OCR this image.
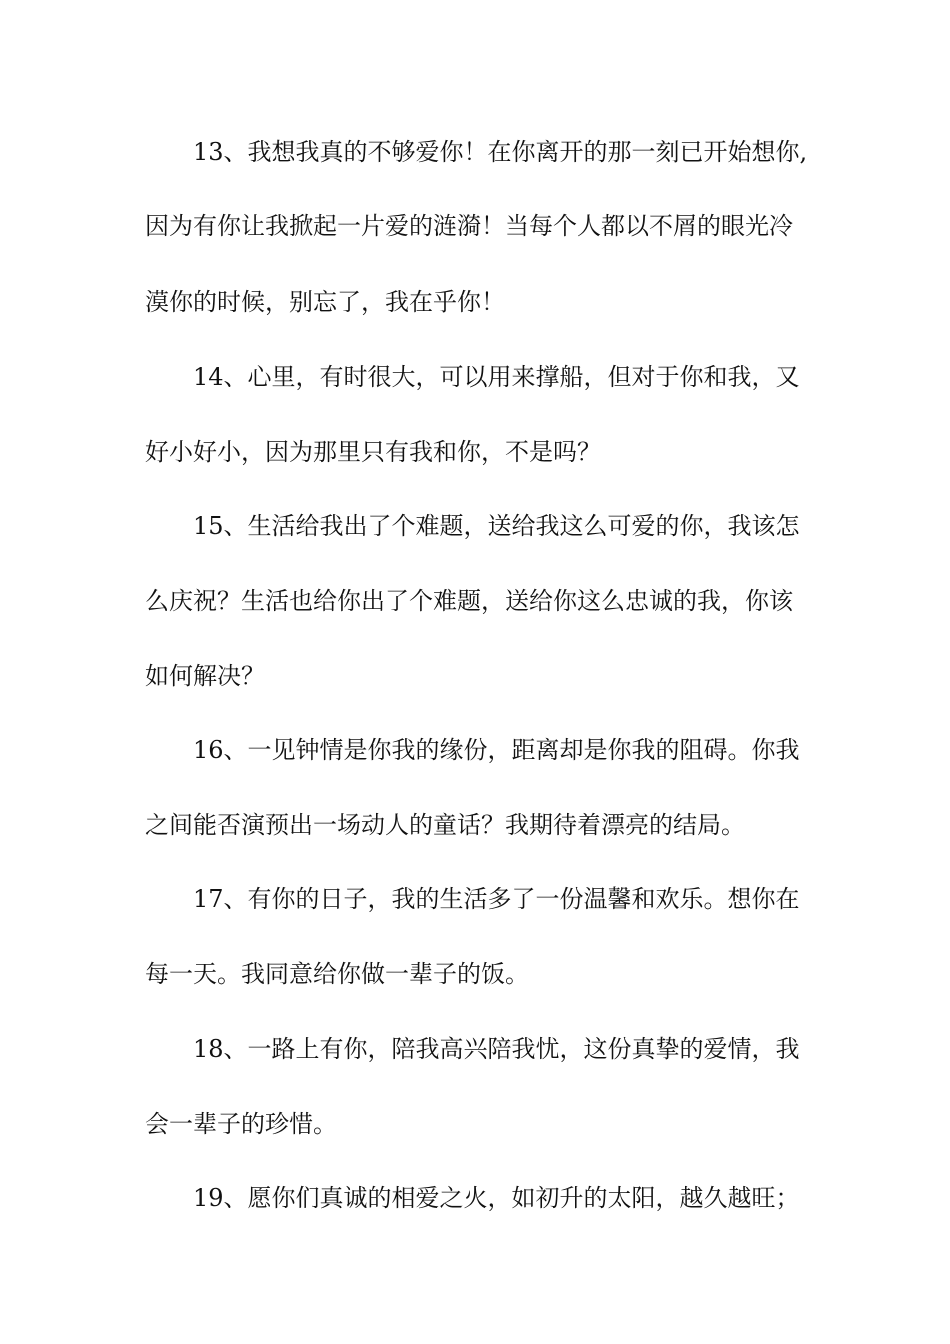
13、我想我真的不够爱你！在你离开的那一刻已开始想你,
因为有你让我掀起一片爱的涟漪！当每个人都以不屑的眼光冷
漠你的时候，别忘了，我在乎你！
14、心里，有时很大，可以用来撑船，但对于你和我，又
好小好小，因为那里只有我和你，不是吗？
15、生活给我出了个难题，送给我这么可爱的你，我该怎
么庆祝？生活也给你出了个难题，送给你这么忠诚的我，你该
如何解决？
16、一见钟情是你我的缘份，距离却是你我的阻碍。你我
之间能否演预出一场动人的童话？我期待着漂亮的结局。
17、有你的日子，我的生活多了一份温馨和欢乐。想你在
每一天。我同意给你做一辈子的饭。
18、一路上有你，陪我高兴陪我忧，这份真挚的爱情，我
会一辈子的珍惜。
19、愿你们真诚的相爱之火，如初升的太阳，越久越旺；
